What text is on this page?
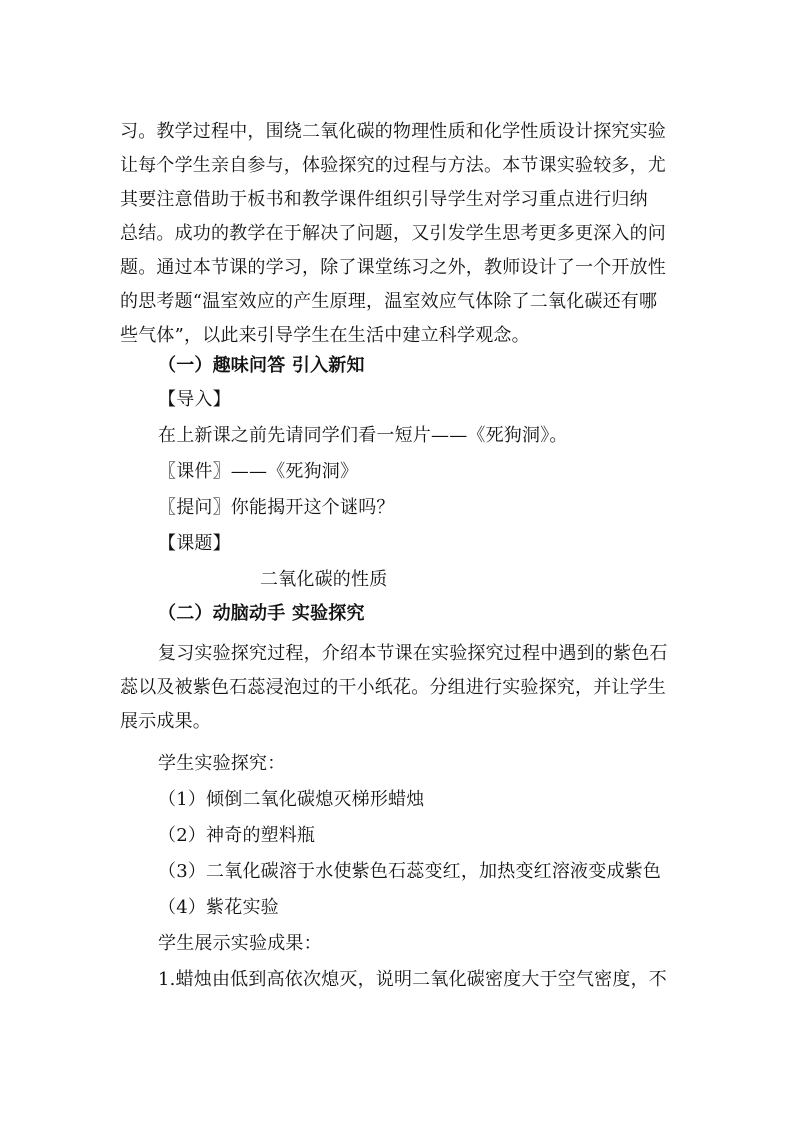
习。教学过程中，围绕二氧化碳的物理性质和化学性质设计探究实验
让每个学生亲自参与，体验探究的过程与方法。本节课实验较多，尤
其要注意借助于板书和教学课件组织引导学生对学习重点进行归纳
总结。成功的教学在于解决了问题，又引发学生思考更多更深入的问
题。通过本节课的学习，除了课堂练习之外，教师设计了一个开放性
的思考题“温室效应的产生原理，温室效应气体除了二氧化碳还有哪
些气体”，以此来引导学生在生活中建立科学观念。
（一）趣味问答 引入新知
【导入】
在上新课之前先请同学们看一短片——《死狗洞》。
〖课件〗——《死狗洞》
〖提问〗你能揭开这个谜吗？
【课题】
二氧化碳的性质
（二）动脑动手 实验探究
复习实验探究过程，介绍本节课在实验探究过程中遇到的紫色石
蕊以及被紫色石蕊浸泡过的干小纸花。分组进行实验探究，并让学生
展示成果。
学生实验探究：
（1）倾倒二氧化碳熄灭梯形蜡烛
（2）神奇的塑料瓶
（3）二氧化碳溶于水使紫色石蕊变红，加热变红溶液变成紫色
（4）紫花实验
学生展示实验成果：
1.蜡烛由低到高依次熄灭，说明二氧化碳密度大于空气密度，不
